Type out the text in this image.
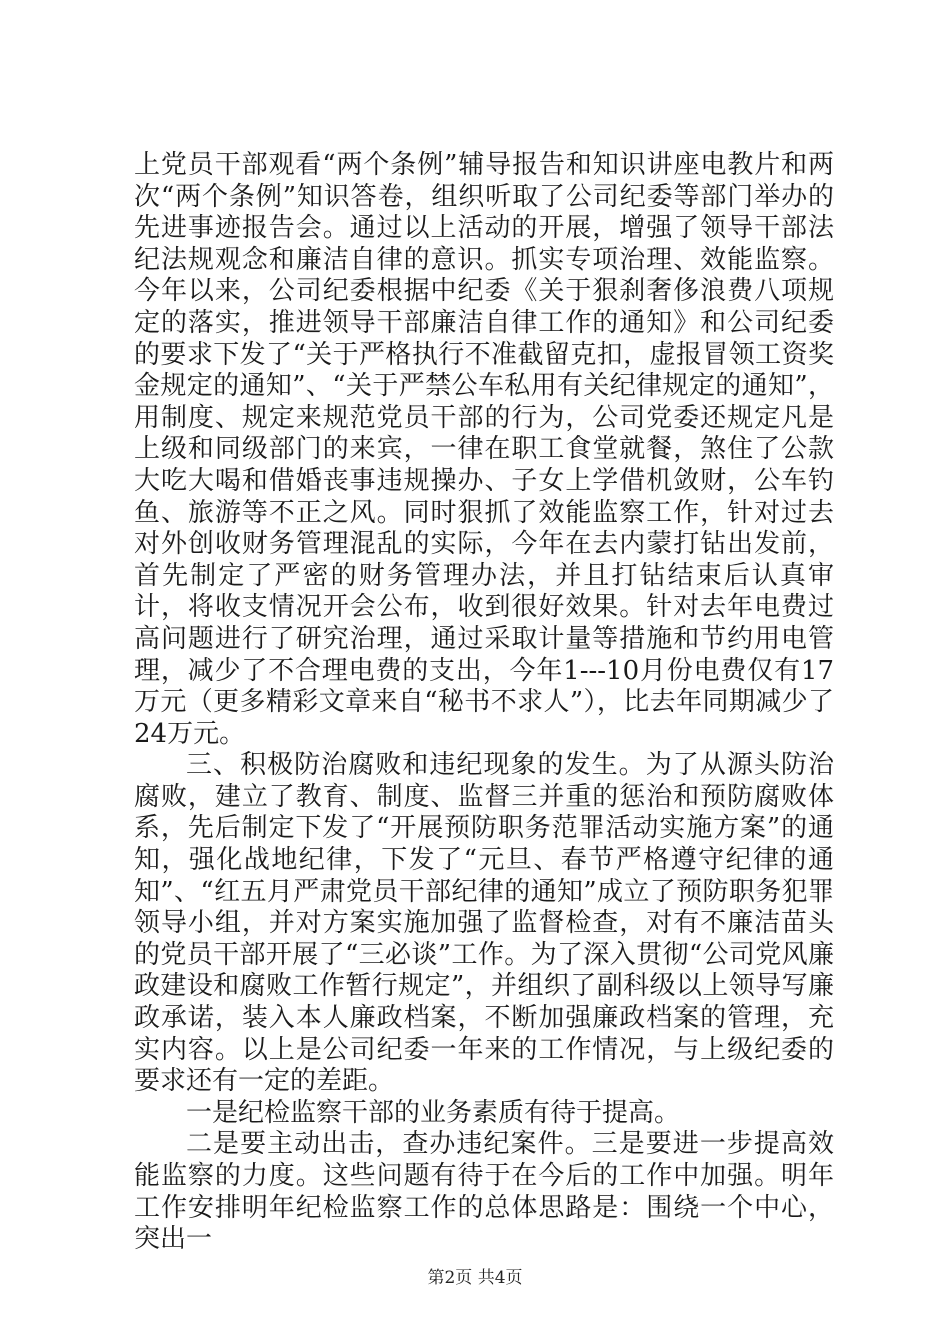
上党员干部观看“两个条例”辅导报告和知识讲座电教片和两次“两个条例”知识答卷，组织听取了公司纪委等部门举办的先进事迹报告会。通过以上活动的开展，增强了领导干部法纪法规观念和廉洁自律的意识。抓实专项治理、效能监察。今年以来，公司纪委根据中纪委《关于狠刹奢侈浪费八项规定的落实，推进领导干部廉洁自律工作的通知》和公司纪委的要求下发了“关于严格执行不准截留克扣，虚报冒领工资奖金规定的通知”、“关于严禁公车私用有关纪律规定的通知”，用制度、规定来规范党员干部的行为，公司党委还规定凡是上级和同级部门的来宾，一律在职工食堂就餐，煞住了公款大吃大喝和借婚丧事违规操办、子女上学借机敛财，公车钓鱼、旅游等不正之风。同时狠抓了效能监察工作，针对过去对外创收财务管理混乱的实际，今年在去内蒙打钻出发前，首先制定了严密的财务管理办法，并且打钻结束后认真审计，将收支情况开会公布，收到很好效果。针对去年电费过高问题进行了研究治理，通过采取计量等措施和节约用电管理，减少了不合理电费的支出，今年1---10月份电费仅有17万元（更多精彩文章来自“秘书不求人”），比去年同期减少了24万元。

三、积极防治腐败和违纪现象的发生。为了从源头防治腐败，建立了教育、制度、监督三并重的惩治和预防腐败体系，先后制定下发了“开展预防职务范罪活动实施方案”的通知，强化战地纪律，下发了“元旦、春节严格遵守纪律的通知”、“红五月严肃党员干部纪律的通知”成立了预防职务犯罪领导小组，并对方案实施加强了监督检查，对有不廉洁苗头的党员干部开展了“三必谈”工作。为了深入贯彻“公司党风廉政建设和腐败工作暂行规定”，并组织了副科级以上领导写廉政承诺，装入本人廉政档案，不断加强廉政档案的管理，充实内容。以上是公司纪委一年来的工作情况，与上级纪委的要求还有一定的差距。

一是纪检监察干部的业务素质有待于提高。

二是要主动出击，查办违纪案件。三是要进一步提高效能监察的力度。这些问题有待于在今后的工作中加强。明年工作安排明年纪检监察工作的总体思路是：围绕一个中心，突出一

第2页 共4页
